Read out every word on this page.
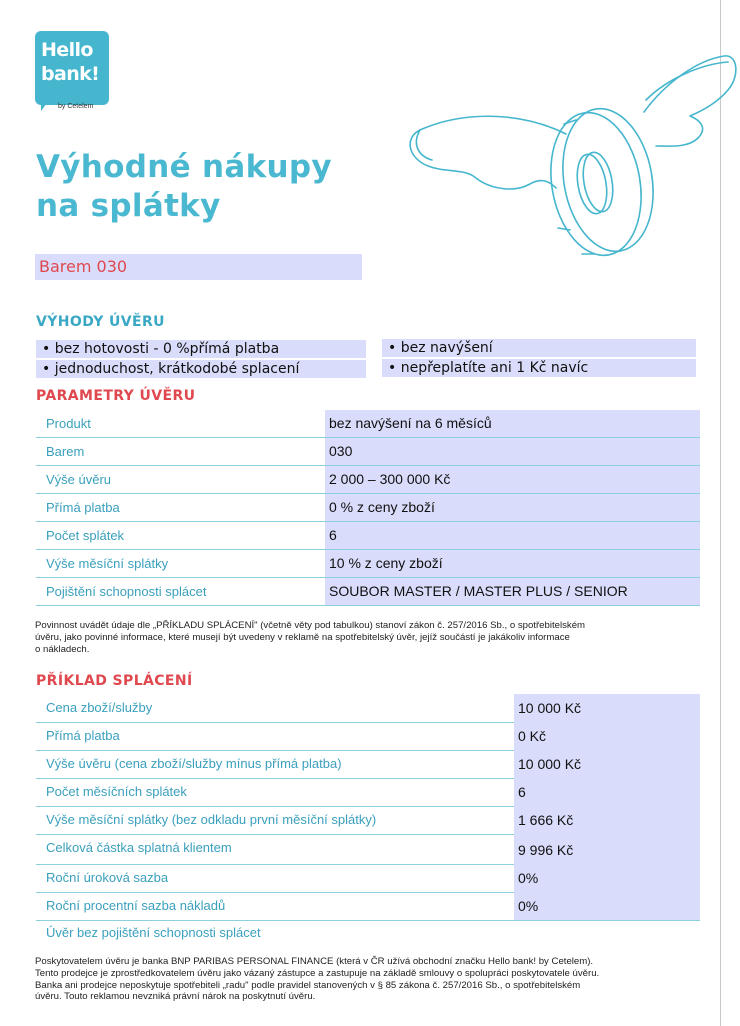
Hello
bank!
by Cetelem
Výhodné nákupy
na splátky
Barem 030
VÝHODY ÚVĚRU
• bez hotovosti - 0 %přímá platba
• jednoduchost, krátkodobé splacení
• bez navýšení
• nepřeplatíte ani 1 Kč navíc
PARAMETRY ÚVĚRU
Produkt	bez navýšení na 6 měsíců
Barem	030
Výše úvěru	2 000 – 300 000 Kč
Přímá platba	0 % z ceny zboží
Počet splátek	6
Výše měsíční splátky	10 % z ceny zboží
Pojištění schopnosti splácet	SOUBOR MASTER / MASTER PLUS / SENIOR

Povinnost uvádět údaje dle „PŘÍKLADU SPLÁCENÍ" (včetně věty pod tabulkou) stanoví zákon č. 257/2016 Sb., o spotřebitelském
úvěru, jako povinné informace, které musejí být uvedeny v reklamě na spotřebitelský úvěr, jejíž součástí je jakákoliv informace
o nákladech.

PŘÍKLAD SPLÁCENÍ
Cena zboží/služby	10 000 Kč
Přímá platba	0 Kč
Výše úvěru (cena zboží/služby mínus přímá platba)	10 000 Kč
Počet měsíčních splátek	6
Výše měsíční splátky (bez odkladu první měsíční splátky)	1 666 Kč
Celková částka splatná klientem	9 996 Kč
Roční úroková sazba	0%
Roční procentní sazba nákladů	0%
Úvěr bez pojištění schopnosti splácet

Poskytovatelem úvěru je banka BNP PARIBAS PERSONAL FINANCE (která v ČR užívá obchodní značku Hello bank! by Cetelem).
Tento prodejce je zprostředkovatelem úvěru jako vázaný zástupce a zastupuje na základě smlouvy o spolupráci poskytovatele úvěru.
Banka ani prodejce neposkytuje spotřebiteli „radu" podle pravidel stanovených v § 85 zákona č. 257/2016 Sb., o spotřebitelském
úvěru. Touto reklamou nevzniká právní nárok na poskytnutí úvěru.
